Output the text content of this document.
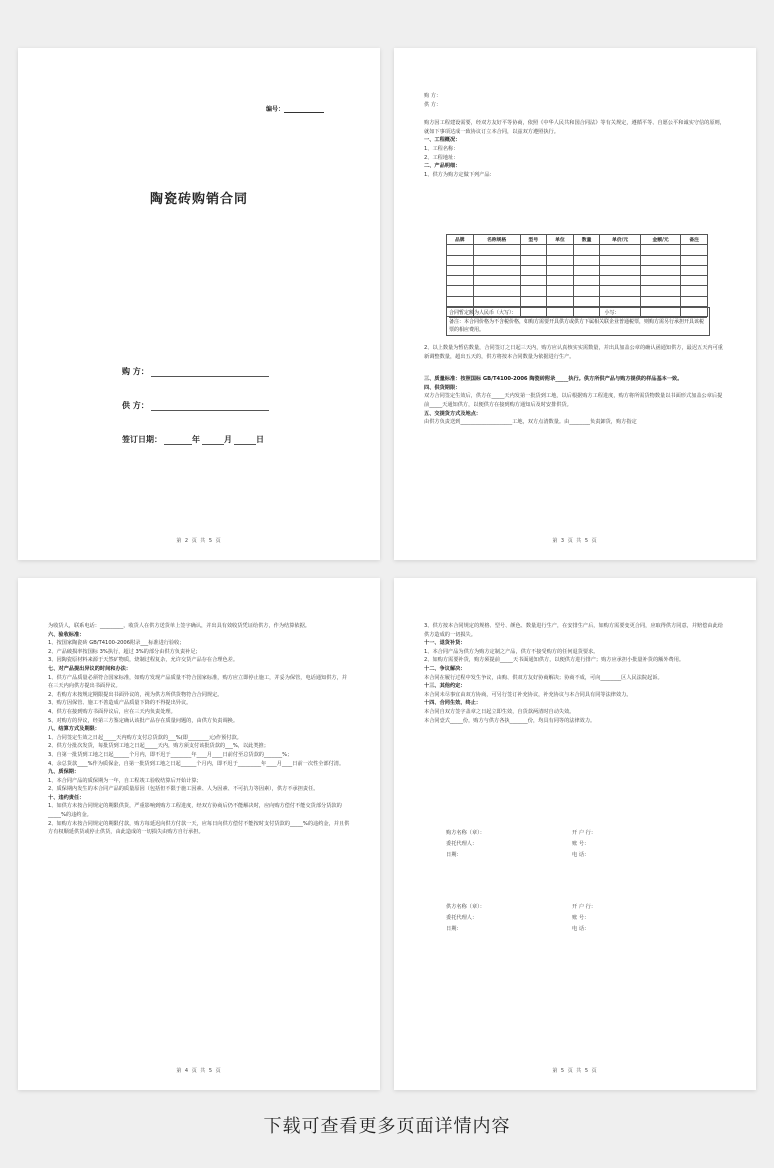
编号：
陶瓷砖购销合同
购 方：
供 方：
签订日期：	年	月	日
第 2 页 共 5 页

购 方：

供 方：

购方因工程建设需要，经双方友好平等协商，依照《中华人民共和国合同法》等有关规定，遵循平等、自愿公平和诚实守信的原则，就如下事项达成一致协议订立本合同，以兹双方遵照执行。

一、工程概况：

1、工程名称：

2、工程地址：

二、产品明细：

1、供方为购方定做下列产品：

品牌	名称规格	型号	单位	数量	单价/元	金额/元	备注

合同暂定额为人民币（大写）：	小写：
备注：本合同价格为不含税价格，如购方需要开具供方或供方下属相关联企业普通税票，则购方需另行承担开具该税票的相应费用。

2、以上数量为暂估数量，合同签订之日起三天内，购方应认真核实实需数量，并出具加盖公章的确认函通知供方，最迟五天内可重新调整数量，超出五天的，供方将按本合同数量为依据进行生产。

三、质量标准：按照国标 GB/T4100-2006 陶瓷砖附录_____执行。供方所供产品与购方提供的样品基本一致。

四、供货期限：

双方合同签定生效后，供方在_____天内发第一批货到工地，以后根据购方工程进度，购方将所需货物数量以书面形式加盖公章后提前_____天通知供方，以便供方在接到购方通知后及时安排供货。

五、交提货方式及地点：

由供方负责送到____________________工地，双方点清数量。由________负责卸货，购方指定

第 3 页 共 5 页

为收货人，联系电话：_________，收货人在供方送货单上签字确认，并出具有效收货凭证给供方，作为结算依据。

六、验收标准：

1、按国家陶瓷砖 GB/T4100-2006附录___标准进行验收；

2、产品破损率按国标 3%执行，超过 3%的部分由供方负责补足；

3、因陶瓷原材料来源于天然矿物质，烧制过程复杂，允许交货产品存在合理色差。

七、对产品提出异议的时间和办法：

1、供方产品质量必须符合国家标准，如购方发现产品质量不符合国家标准，购方应立即停止施工，并妥为保管，电话通知供方，并在三天内向供方提出书面异议。

2、若购方未按规定期限提出书面异议的，视为供方所供货物符合合同规定。

3、购方因保管、施工不善造成产品质量下降的不得提出异议。

4、供方在接到购方书面异议后，应在三天内负责处理。

5、对购方的异议，经第三方鉴定确认该批产品存在质量问题的，由供方负责调换。

八、结算方式及期限：

1、合同签定生效之日起_____天内购方支付总货款的___%(即________元)作预付款。

2、供方分批次发货，每批货到工地之日起_____天内，购方须支付该批货款的___%，以此类推；

3、自第一批货到工地之日起______个月内，即不迟于________年____月____日前付至总货款的_______%；

4、余总货款____%作为质保金，自第一批货到工地之日起______个月内，即不迟于_________年____月____日前一次性全部付清。

九、质保期：

1、本合同产品的质保期为一年，自工程竣工验收结算后开始计算；

2、质保期内发生的本合同产品的质量原因（包括但不限于施工因素、人为因素、不可抗力等因素），供方不承担责任。

十、违约责任：

1、如供方未按合同规定的期限供货，严重影响到购方工程进度，经双方协商后仍不能解决时，应向购方偿付不能交货部分货款的_____%的违约金。

2、如购方未按合同规定的期限付款，购方每延迟向供方付款一天，应每日向供方偿付不能按时支付货款的_____%的违约金，并且供方有权顺延供货或停止供货，由此造成的一切损失由购方自行承担。

第 4 页 共 5 页

3、供方按本合同规定的规格、型号、颜色、数量进行生产，在安排生产后，如购方需要变更合同，应取得供方同意，并赔偿由此给供方造成的一切损失。

十一、退货补货：

1、本合同产品为供方为购方定制之产品，供方不接受购方的任何退货要求。

2、如购方需要补货，购方须提前_____天书面通知供方，以便供方进行排产；购方应承担小批量补货的额外费用。

十二、争议解决：

本合同在履行过程中发生争议，由购、供双方友好协商解决；协商不成，可向________区人民法院起诉。

十三、其他约定：

本合同未尽事宜由双方协商，可另行签订补充协议，补充协议与本合同具有同等法律效力。

十四、合同生效、终止：

本合同自双方签字盖章之日起立即生效，自货款两清时自动失效。

本合同壹式_____份，购方与供方各执_______份，均具有同等的法律效力。

购方名称（章）：
委托代理人：
日期：
开 户 行：
账 号：
电 话：
供方名称（章）：
委托代理人：
日期：
开 户 行：
账 号：
电 话：
第 5 页 共 5 页
下载可查看更多页面详情内容
